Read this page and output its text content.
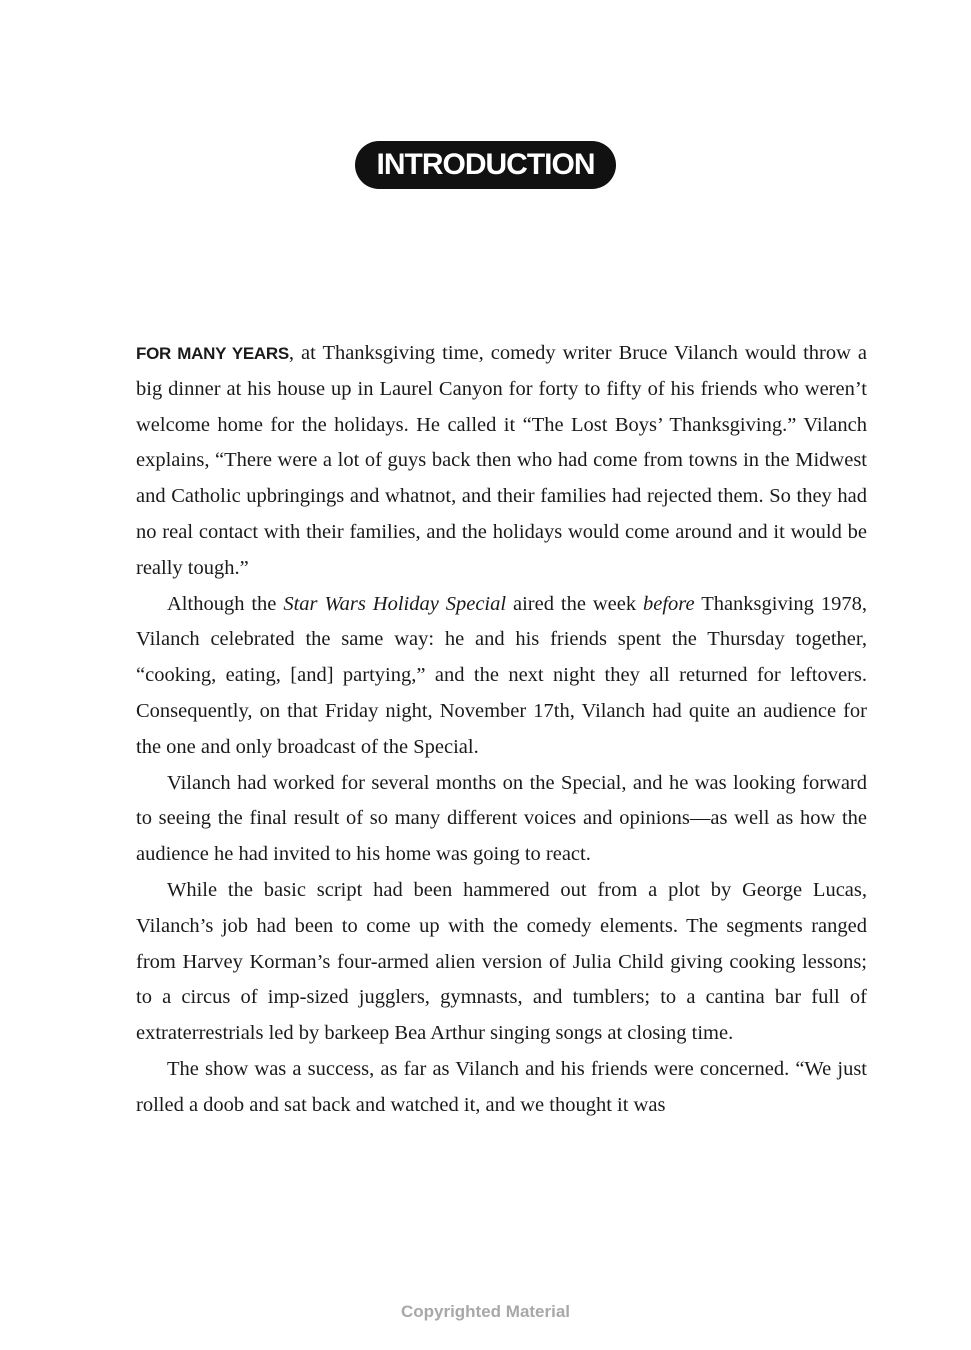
INTRODUCTION

FOR MANY YEARS, at Thanksgiving time, comedy writer Bruce Vilanch would throw a big dinner at his house up in Laurel Canyon for forty to fifty of his friends who weren’t welcome home for the holidays. He called it “The Lost Boys’ Thanksgiving.” Vilanch explains, “There were a lot of guys back then who had come from towns in the Midwest and Catholic upbringings and whatnot, and their families had rejected them. So they had no real contact with their families, and the holidays would come around and it would be really tough.”

Although the Star Wars Holiday Special aired the week before Thanksgiving 1978, Vilanch celebrated the same way: he and his friends spent the Thursday together, “cooking, eating, [and] partying,” and the next night they all returned for leftovers. Consequently, on that Friday night, November 17th, Vilanch had quite an audience for the one and only broadcast of the Special.

Vilanch had worked for several months on the Special, and he was looking forward to seeing the final result of so many different voices and opinions—as well as how the audience he had invited to his home was going to react.

While the basic script had been hammered out from a plot by George Lucas, Vilanch’s job had been to come up with the comedy elements. The segments ranged from Harvey Korman’s four-armed alien version of Julia Child giving cooking lessons; to a circus of imp-sized jugglers, gymnasts, and tumblers; to a cantina bar full of extraterrestrials led by barkeep Bea Arthur singing songs at closing time.

The show was a success, as far as Vilanch and his friends were concerned. “We just rolled a doob and sat back and watched it, and we thought it was

Copyrighted Material
